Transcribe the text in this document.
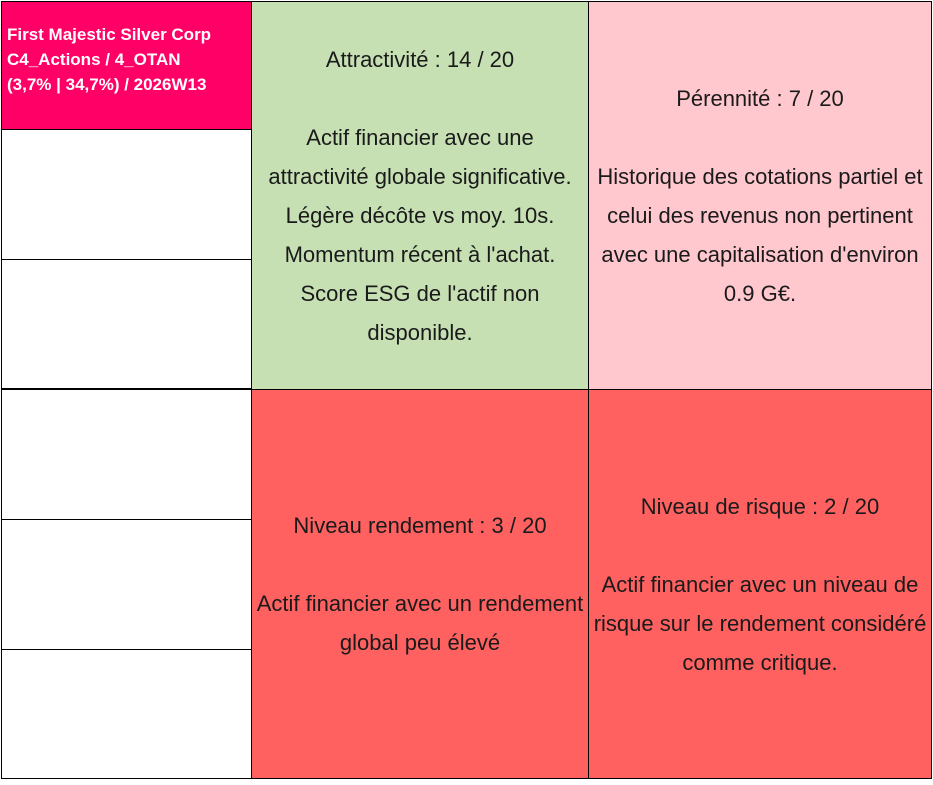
First Majestic Silver Corp
C4_Actions / 4_OTAN
(3,7% | 34,7%) / 2026W13
Attractivité : 14 / 20
Actif financier avec une attractivité globale significative. Légère décôte vs moy. 10s. Momentum récent à l'achat. Score ESG de l'actif non disponible.
Pérennité : 7 / 20
Historique des cotations partiel et celui des revenus non pertinent avec une capitalisation d'environ 0.9 G€.
Niveau rendement : 3 / 20
Actif financier avec un rendement global peu élevé
Niveau de risque : 2 / 20
Actif financier avec un niveau de risque sur le rendement considéré comme critique.
